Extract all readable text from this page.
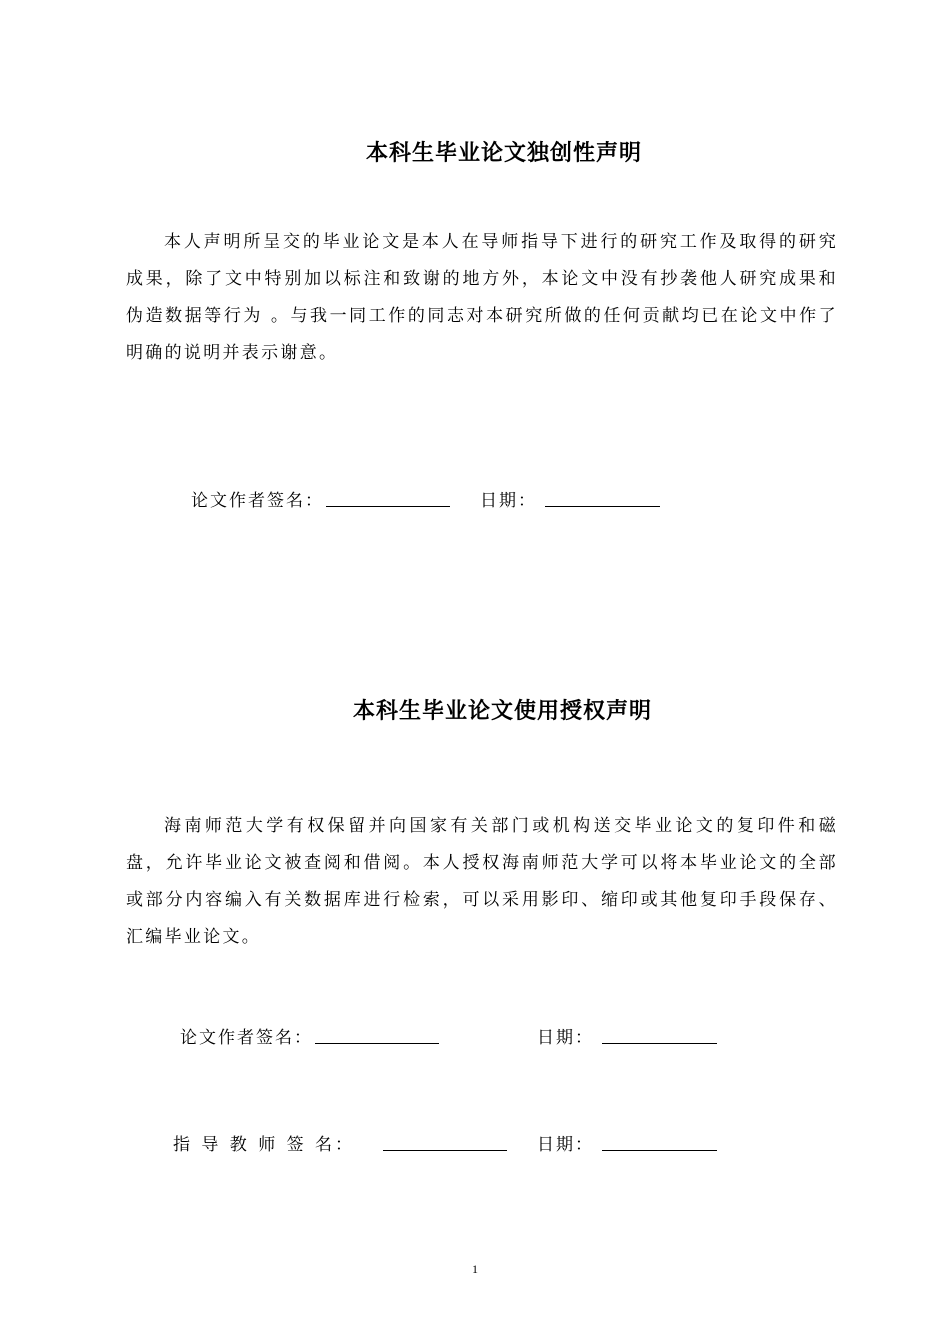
本科生毕业论文独创性声明

本人声明所呈交的毕业论文是本人在导师指导下进行的研究工作及取得的研究成果，除了文中特别加以标注和致谢的地方外，本论文中没有抄袭他人研究成果和伪造数据等行为 。与我一同工作的同志对本研究所做的任何贡献均已在论文中作了明确的说明并表示谢意。

论文作者签名：	日期：
本科生毕业论文使用授权声明

海南师范大学有权保留并向国家有关部门或机构送交毕业论文的复印件和磁盘，允许毕业论文被查阅和借阅。本人授权海南师范大学可以将本毕业论文的全部或部分内容编入有关数据库进行检索，可以采用影印、缩印或其他复印手段保存、汇编毕业论文。

论文作者签名：	日期：
指 导 教 师 签 名：	日期：
1
